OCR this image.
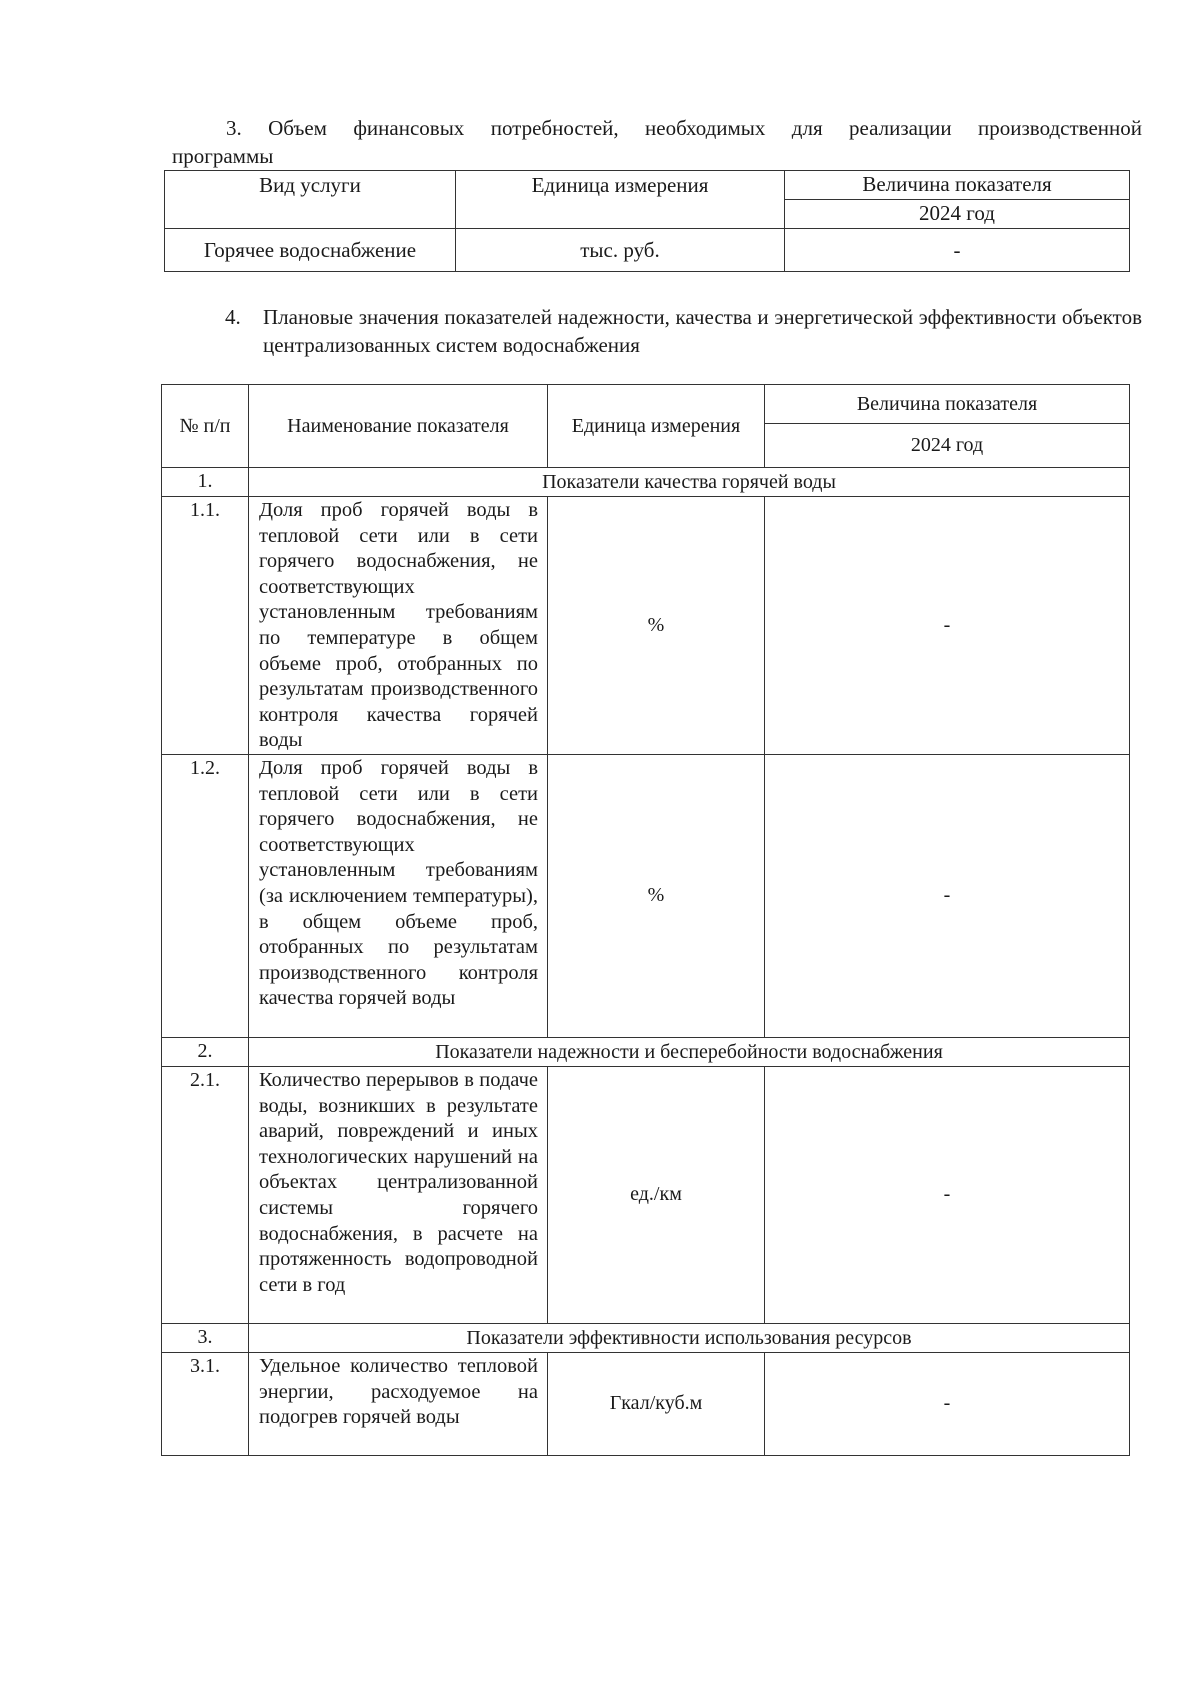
3. Объем финансовых потребностей, необходимых для реализации производственной
программы
Вид услуги	Единица измерения	Величина показателя
		2024 год
Горячее водоснабжение	тыс. руб.	-
4. Плановые значения показателей надежности, качества и энергетической эффективности объектов централизованных систем водоснабжения
№ п/п	Наименование показателя	Единица измерения	Величина показателя
			2024 год
1.	Показатели качества горячей воды		
1.1.	Доля проб горячей воды в тепловой сети или в сети горячего водоснабжения, не соответствующих установленным требованиям по температуре в общем объеме проб, отобранных по результатам производственного контроля качества горячей воды	%	-
1.2.	Доля проб горячей воды в тепловой сети или в сети горячего водоснабжения, не соответствующих установленным требованиям (за исключением температуры), в общем объеме проб, отобранных по результатам производственного контроля качества горячей воды	%	-
2.	Показатели надежности и бесперебойности водоснабжения		
2.1.	Количество перерывов в подаче воды, возникших в результате аварий, повреждений и иных технологических нарушений на объектах централизованной системы горячего водоснабжения, в расчете на протяженность водопроводной сети в год	ед./км	-
3.	Показатели эффективности использования ресурсов		
3.1.	Удельное количество тепловой энергии, расходуемое на подогрев горячей воды	Гкал/куб.м	-
